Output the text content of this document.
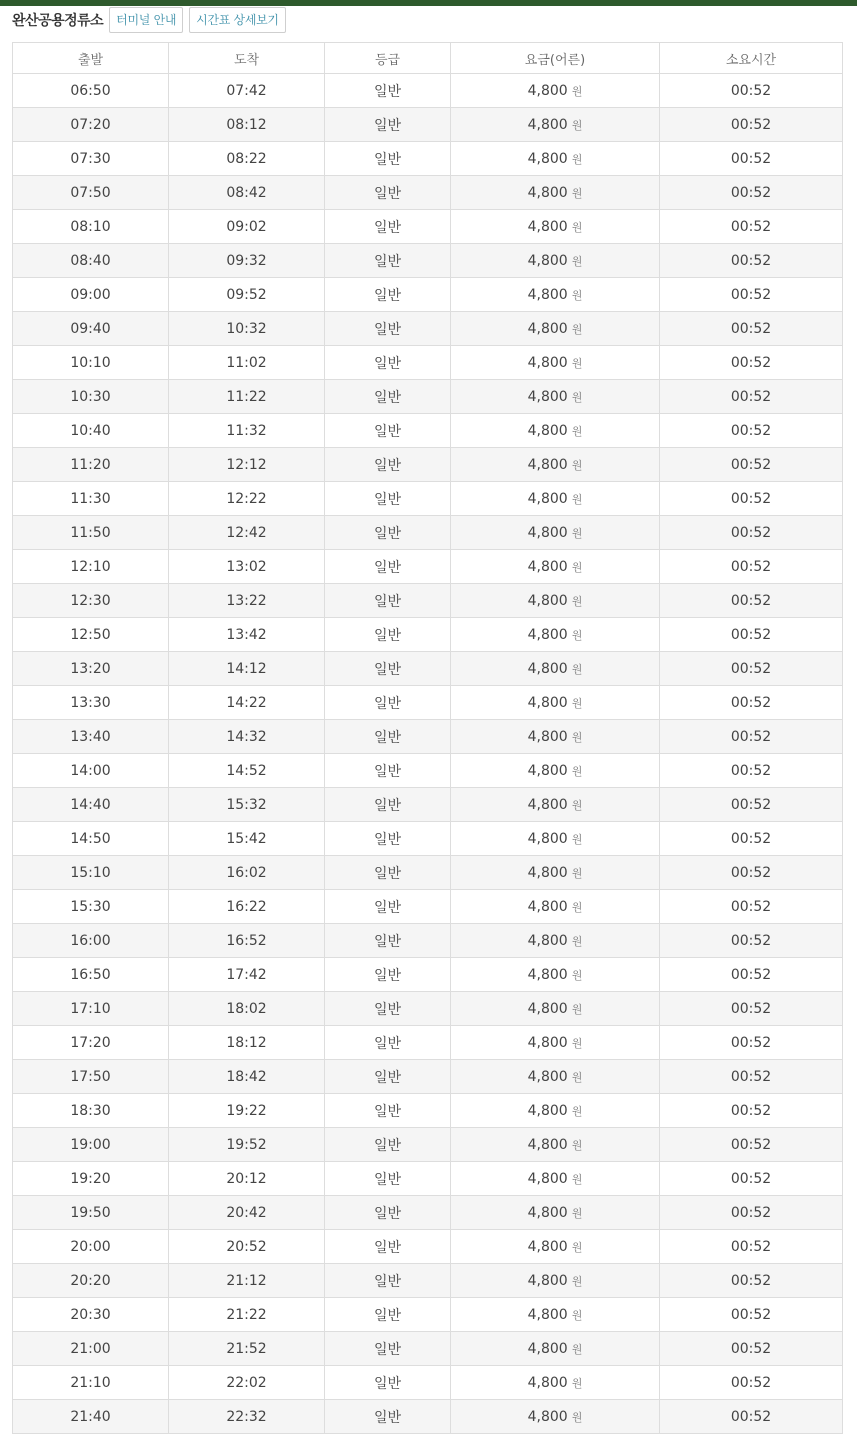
완산공용정류소	터미널 안내	시간표 상세보기
출발	도착	등급	요금(어른)	소요시간
06:50	07:42	일반	4,800 원	00:52
07:20	08:12	일반	4,800 원	00:52
07:30	08:22	일반	4,800 원	00:52
07:50	08:42	일반	4,800 원	00:52
08:10	09:02	일반	4,800 원	00:52
08:40	09:32	일반	4,800 원	00:52
09:00	09:52	일반	4,800 원	00:52
09:40	10:32	일반	4,800 원	00:52
10:10	11:02	일반	4,800 원	00:52
10:30	11:22	일반	4,800 원	00:52
10:40	11:32	일반	4,800 원	00:52
11:20	12:12	일반	4,800 원	00:52
11:30	12:22	일반	4,800 원	00:52
11:50	12:42	일반	4,800 원	00:52
12:10	13:02	일반	4,800 원	00:52
12:30	13:22	일반	4,800 원	00:52
12:50	13:42	일반	4,800 원	00:52
13:20	14:12	일반	4,800 원	00:52
13:30	14:22	일반	4,800 원	00:52
13:40	14:32	일반	4,800 원	00:52
14:00	14:52	일반	4,800 원	00:52
14:40	15:32	일반	4,800 원	00:52
14:50	15:42	일반	4,800 원	00:52
15:10	16:02	일반	4,800 원	00:52
15:30	16:22	일반	4,800 원	00:52
16:00	16:52	일반	4,800 원	00:52
16:50	17:42	일반	4,800 원	00:52
17:10	18:02	일반	4,800 원	00:52
17:20	18:12	일반	4,800 원	00:52
17:50	18:42	일반	4,800 원	00:52
18:30	19:22	일반	4,800 원	00:52
19:00	19:52	일반	4,800 원	00:52
19:20	20:12	일반	4,800 원	00:52
19:50	20:42	일반	4,800 원	00:52
20:00	20:52	일반	4,800 원	00:52
20:20	21:12	일반	4,800 원	00:52
20:30	21:22	일반	4,800 원	00:52
21:00	21:52	일반	4,800 원	00:52
21:10	22:02	일반	4,800 원	00:52
21:40	22:32	일반	4,800 원	00:52
